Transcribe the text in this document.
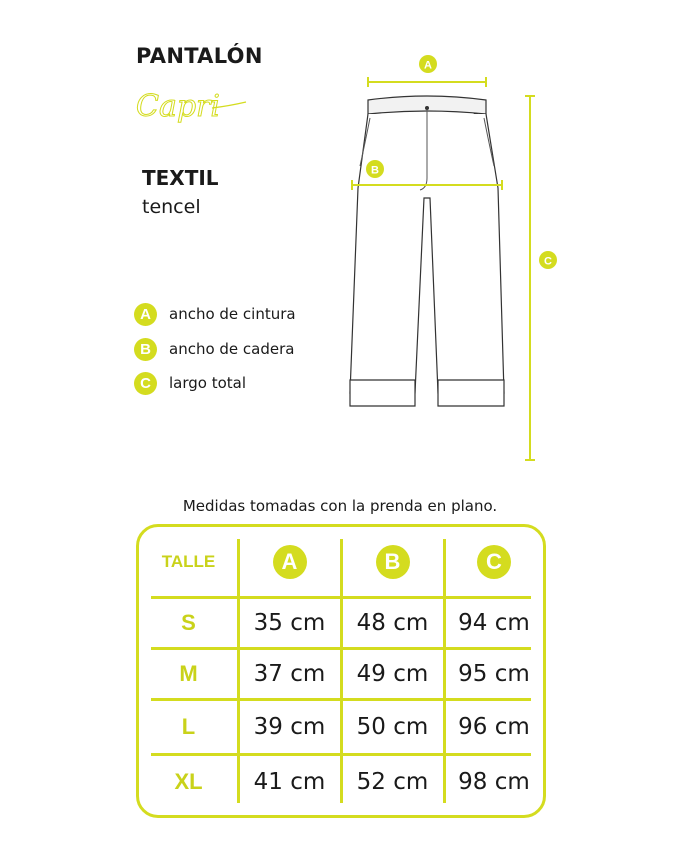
PANTALÓN
Capri
TEXTIL
tencel
A	ancho de cintura
B	ancho de cadera
C	largo total
A
B
C
Medidas tomadas con la prenda en plano.
TALLE	A	B	C
S	35 cm	48 cm	94 cm
M	37 cm	49 cm	95 cm
L	39 cm	50 cm	96 cm
XL	41 cm	52 cm	98 cm
